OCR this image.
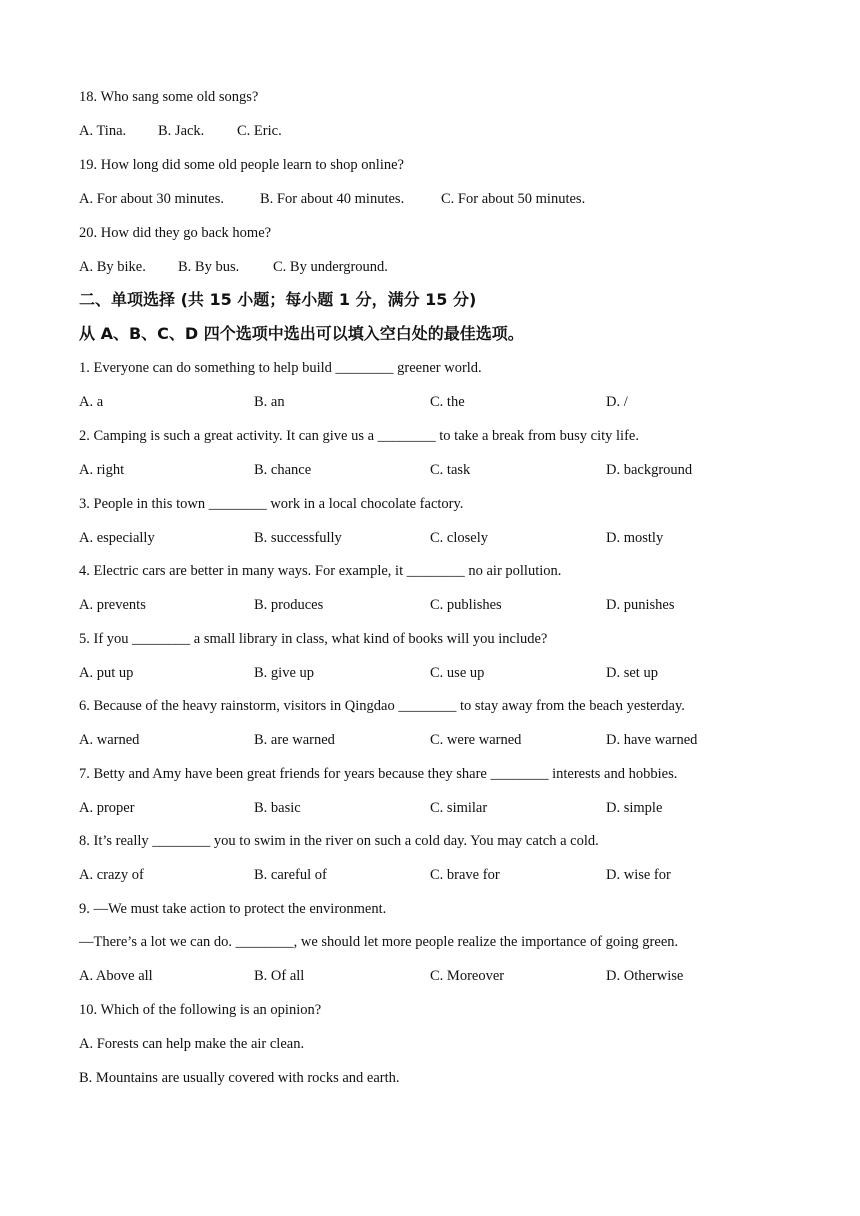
18. Who sang some old songs?
A. Tina. B. Jack. C. Eric.
19. How long did some old people learn to shop online?
A. For about 30 minutes. B. For about 40 minutes.	C. For about 50 minutes.
20. How did they go back home?
A. By bike. B. By bus. C. By underground.
二、单项选择 (共 15 小题；每小题 1 分，满分 15 分)
从 A、B、C、D 四个选项中选出可以填入空白处的最佳选项。
1. Everyone can do something to help build ________ greener world.
A. a	B. an	C. the	D. /
2. Camping is such a great activity. It can give us a ________ to take a break from busy city life.
A. right	B. chance	C. task	D. background
3. People in this town ________ work in a local chocolate factory.
A. especially	B. successfully	C. closely	D. mostly
4. Electric cars are better in many ways. For example, it ________ no air pollution.
A. prevents	B. produces	C. publishes	D. punishes
5. If you ________ a small library in class, what kind of books will you include?
A. put up	B. give up	C. use up	D. set up
6. Because of the heavy rainstorm, visitors in Qingdao ________ to stay away from the beach yesterday.
A. warned	B. are warned	C. were warned	D. have warned
7. Betty and Amy have been great friends for years because they share ________ interests and hobbies.
A. proper	B. basic	C. similar	D. simple
8. It’s really ________ you to swim in the river on such a cold day. You may catch a cold.
A. crazy of	B. careful of	C. brave for	D. wise for
9. —We must take action to protect the environment.
—There’s a lot we can do. ________, we should let more people realize the importance of going green.
A. Above all	B. Of all	C. Moreover	D. Otherwise
10. Which of the following is an opinion?
A. Forests can help make the air clean.
B. Mountains are usually covered with rocks and earth.
